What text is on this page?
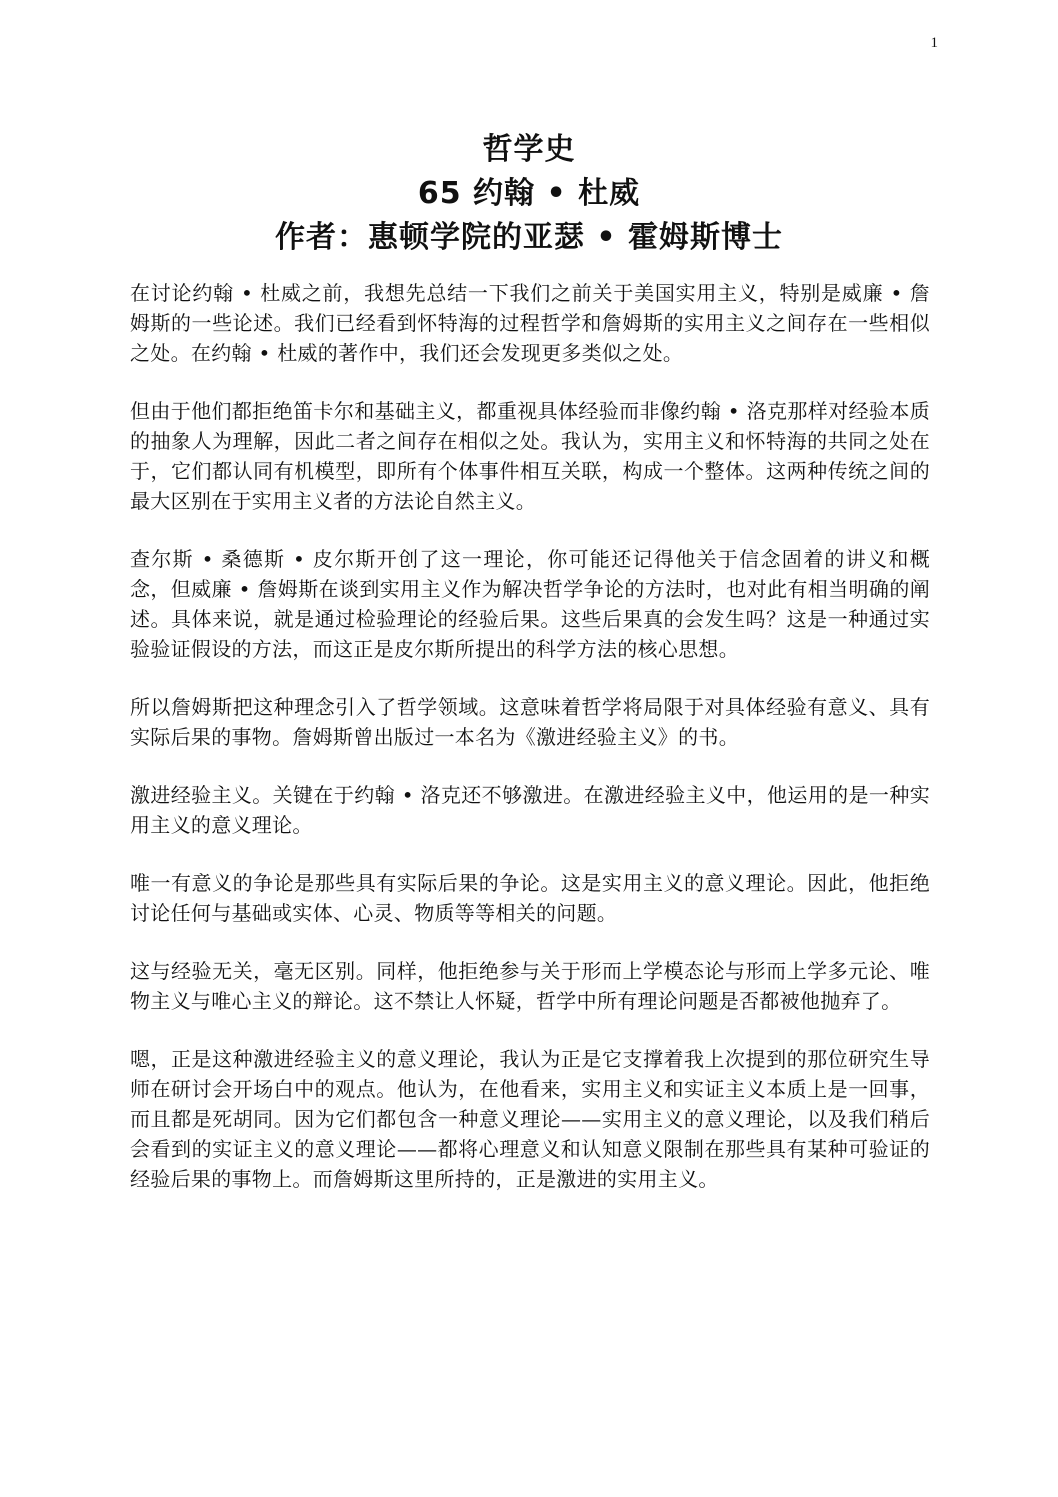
1
哲学史
65 约翰 • 杜威
作者：惠顿学院的亚瑟 • 霍姆斯博士

在讨论约翰 • 杜威之前，我想先总结一下我们之前关于美国实用主义，特别是威廉 • 詹姆斯的一些论述。我们已经看到怀特海的过程哲学和詹姆斯的实用主义之间存在一些相似之处。在约翰 • 杜威的著作中，我们还会发现更多类似之处。

但由于他们都拒绝笛卡尔和基础主义，都重视具体经验而非像约翰 • 洛克那样对经验本质的抽象人为理解，因此二者之间存在相似之处。我认为，实用主义和怀特海的共同之处在于，它们都认同有机模型，即所有个体事件相互关联，构成一个整体。这两种传统之间的最大区别在于实用主义者的方法论自然主义。

查尔斯 • 桑德斯 • 皮尔斯开创了这一理论，你可能还记得他关于信念固着的讲义和概念，但威廉 • 詹姆斯在谈到实用主义作为解决哲学争论的方法时，也对此有相当明确的阐述。具体来说，就是通过检验理论的经验后果。这些后果真的会发生吗？这是一种通过实验验证假设的方法，而这正是皮尔斯所提出的科学方法的核心思想。

所以詹姆斯把这种理念引入了哲学领域。这意味着哲学将局限于对具体经验有意义、具有实际后果的事物。詹姆斯曾出版过一本名为《激进经验主义》的书。

激进经验主义。关键在于约翰 • 洛克还不够激进。在激进经验主义中，他运用的是一种实用主义的意义理论。

唯一有意义的争论是那些具有实际后果的争论。这是实用主义的意义理论。因此，他拒绝讨论任何与基础或实体、心灵、物质等等相关的问题。

这与经验无关，毫无区别。同样，他拒绝参与关于形而上学模态论与形而上学多元论、唯物主义与唯心主义的辩论。这不禁让人怀疑，哲学中所有理论问题是否都被他抛弃了。

嗯，正是这种激进经验主义的意义理论，我认为正是它支撑着我上次提到的那位研究生导师在研讨会开场白中的观点。他认为，在他看来，实用主义和实证主义本质上是一回事，而且都是死胡同。因为它们都包含一种意义理论——实用主义的意义理论，以及我们稍后会看到的实证主义的意义理论——都将心理意义和认知意义限制在那些具有某种可验证的经验后果的事物上。而詹姆斯这里所持的，正是激进的实用主义。
